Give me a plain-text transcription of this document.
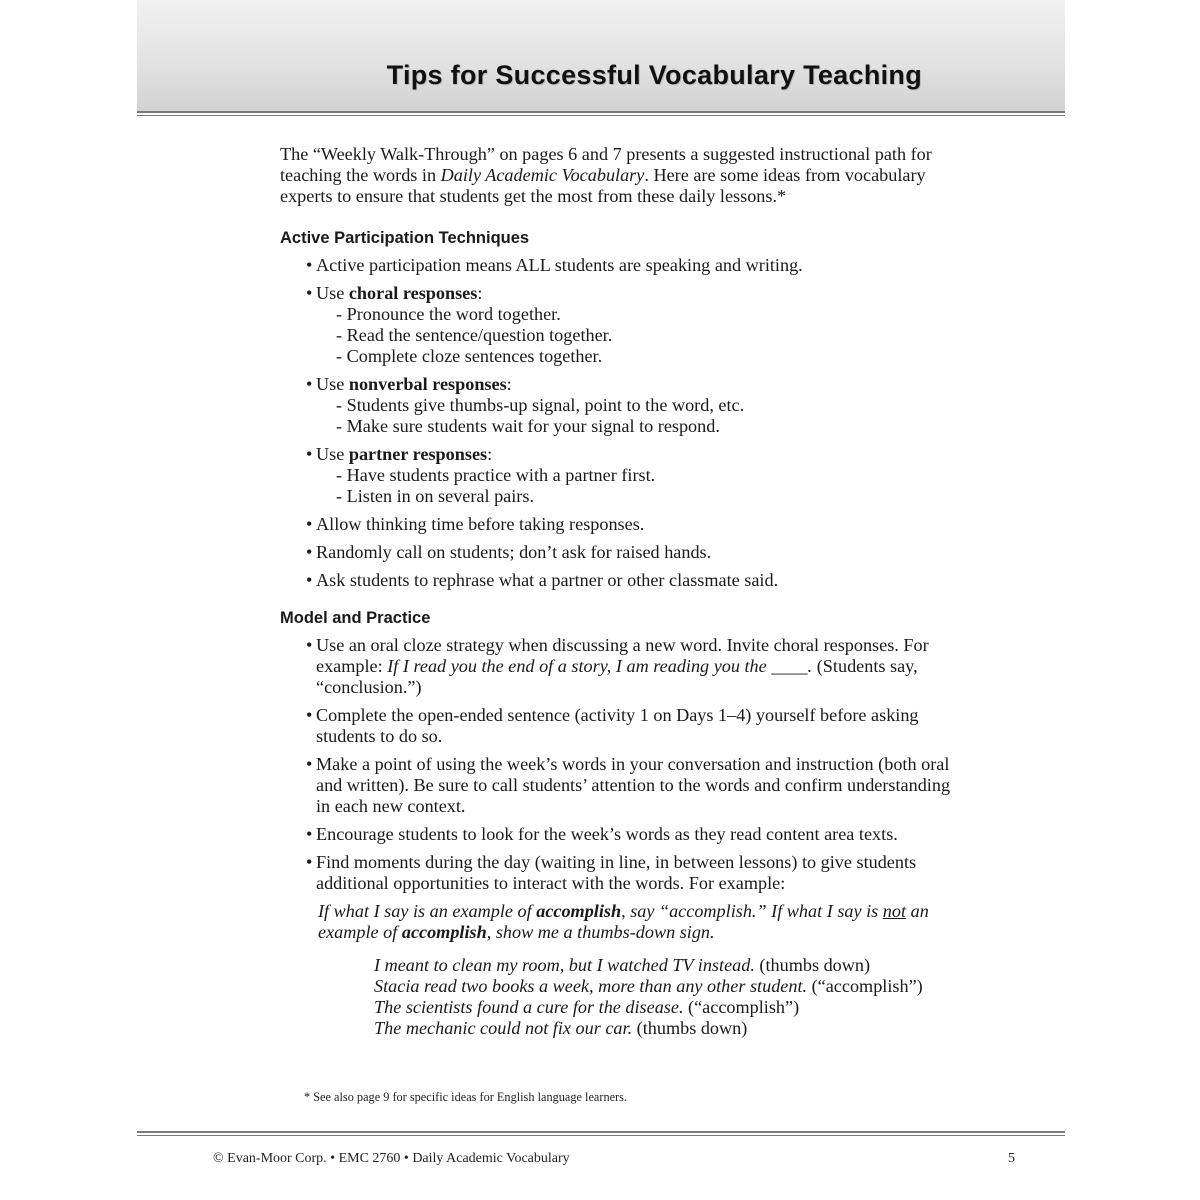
Tips for Successful Vocabulary Teaching

The “Weekly Walk-Through” on pages 6 and 7 presents a suggested instructional path for teaching the words in Daily Academic Vocabulary. Here are some ideas from vocabulary experts to ensure that students get the most from these daily lessons.*

Active Participation Techniques
• Active participation means ALL students are speaking and writing.
• Use choral responses:
- Pronounce the word together.
- Read the sentence/question together.
- Complete cloze sentences together.
• Use nonverbal responses:
- Students give thumbs-up signal, point to the word, etc.
- Make sure students wait for your signal to respond.
• Use partner responses:
- Have students practice with a partner first.
- Listen in on several pairs.
• Allow thinking time before taking responses.
• Randomly call on students; don’t ask for raised hands.
• Ask students to rephrase what a partner or other classmate said.
Model and Practice
• Use an oral cloze strategy when discussing a new word. Invite choral responses. For example: If I read you the end of a story, I am reading you the ____. (Students say, “conclusion.”)
• Complete the open-ended sentence (activity 1 on Days 1–4) yourself before asking students to do so.
• Make a point of using the week’s words in your conversation and instruction (both oral and written). Be sure to call students’ attention to the words and confirm understanding in each new context.
• Encourage students to look for the week’s words as they read content area texts.
• Find moments during the day (waiting in line, in between lessons) to give students additional opportunities to interact with the words. For example:

If what I say is an example of accomplish, say “accomplish.” If what I say is not an example of accomplish, show me a thumbs-down sign.

I meant to clean my room, but I watched TV instead. (thumbs down)
Stacia read two books a week, more than any other student. (“accomplish”)
The scientists found a cure for the disease. (“accomplish”)
The mechanic could not fix our car. (thumbs down)
* See also page 9 for specific ideas for English language learners.
© Evan-Moor Corp. • EMC 2760 • Daily Academic Vocabulary	5
